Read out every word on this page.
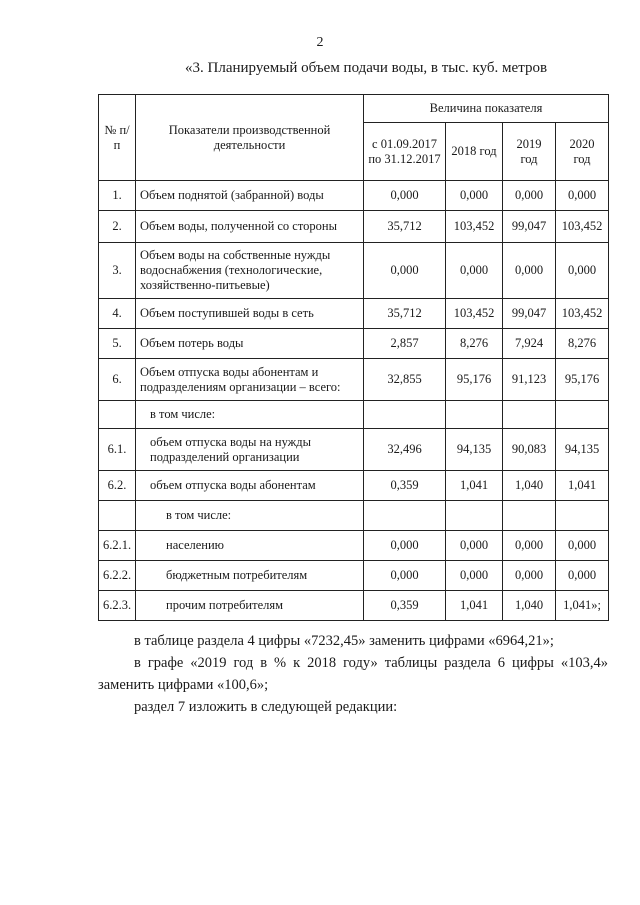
2
«3. Планируемый объем подачи воды, в тыс. куб. метров
№ п/п	Показатели производственной деятельности	Величина показателя			
		с 01.09.2017 по 31.12.2017	2018 год	2019 год	2020 год
1.	Объем поднятой (забранной) воды	0,000	0,000	0,000	0,000
2.	Объем воды, полученной со стороны	35,712	103,452	99,047	103,452
3.	Объем воды на собственные нужды водоснабжения (технологические, хозяйственно-питьевые)	0,000	0,000	0,000	0,000
4.	Объем поступившей воды в сеть	35,712	103,452	99,047	103,452
5.	Объем потерь воды	2,857	8,276	7,924	8,276
6.	Объем отпуска воды абонентам и подразделениям организации – всего:	32,855	95,176	91,123	95,176
	в том числе:				
6.1.	объем отпуска воды на нужды подразделений организации	32,496	94,135	90,083	94,135
6.2.	объем отпуска воды абонентам	0,359	1,041	1,040	1,041
	в том числе:				
6.2.1.	населению	0,000	0,000	0,000	0,000
6.2.2.	бюджетным потребителям	0,000	0,000	0,000	0,000
6.2.3.	прочим потребителям	0,359	1,041	1,040	1,041»;

в таблице раздела 4 цифры «7232,45» заменить цифрами «6964,21»;

в графе «2019 год в % к 2018 году» таблицы раздела 6 цифры «103,4» заменить цифрами «100,6»;

раздел 7 изложить в следующей редакции:
